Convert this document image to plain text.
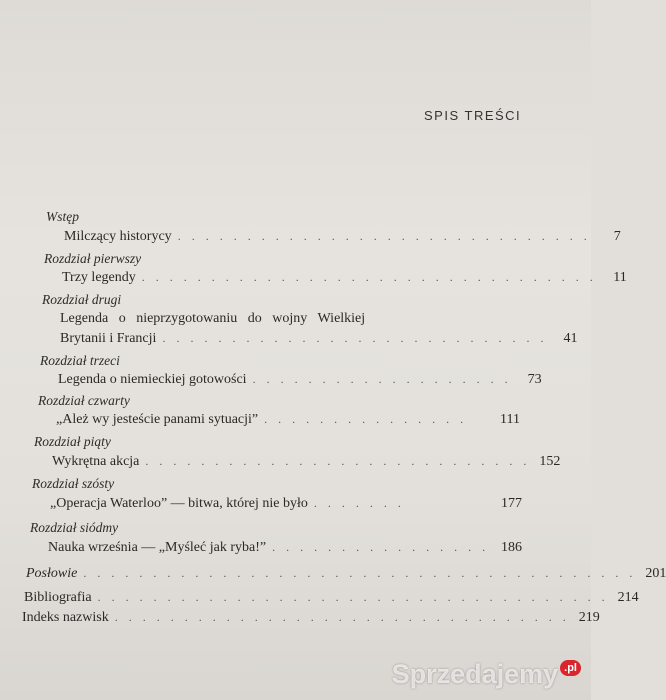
SPIS TREŚCI
Wstęp
Milczący historycy . . . . . . . . . . . . . . . . . . . . . . . . . . . . . .	7
Rozdział pierwszy
Trzy legendy . . . . . . . . . . . . . . . . . . . . . . . . . . . . . . . . .	11
Rozdział drugi
Legenda o nieprzygotowaniu do wojny Wielkiej
Brytanii i Francji . . . . . . . . . . . . . . . . . . . . . . . . . . . .	41
Rozdział trzeci
Legenda o niemieckiej gotowości . . . . . . . . . . . . . . . . . . .	73
Rozdział czwarty
„Ależ wy jesteście panami sytuacji” . . . . . . . . . . . . . . .	111
Rozdział piąty
Wykrętna akcja . . . . . . . . . . . . . . . . . . . . . . . . . . . . 152
Rozdział szósty
„Operacja Waterloo” — bitwa, której nie było . . . . . . .	177
Rozdział siódmy
Nauka września — „Myśleć jak ryba!” . . . . . . . . . . . . . . . . 186
Posłowie . . . . . . . . . . . . . . . . . . . . . . . . . . . . . . . . . . . . . . . . 201
Bibliografia . . . . . . . . . . . . . . . . . . . . . . . . . . . . . . . . . . . . . 214
Indeks nazwisk . . . . . . . . . . . . . . . . . . . . . . . . . . . . . . . . . 219
Sprzedajemy $^{.pl}$
